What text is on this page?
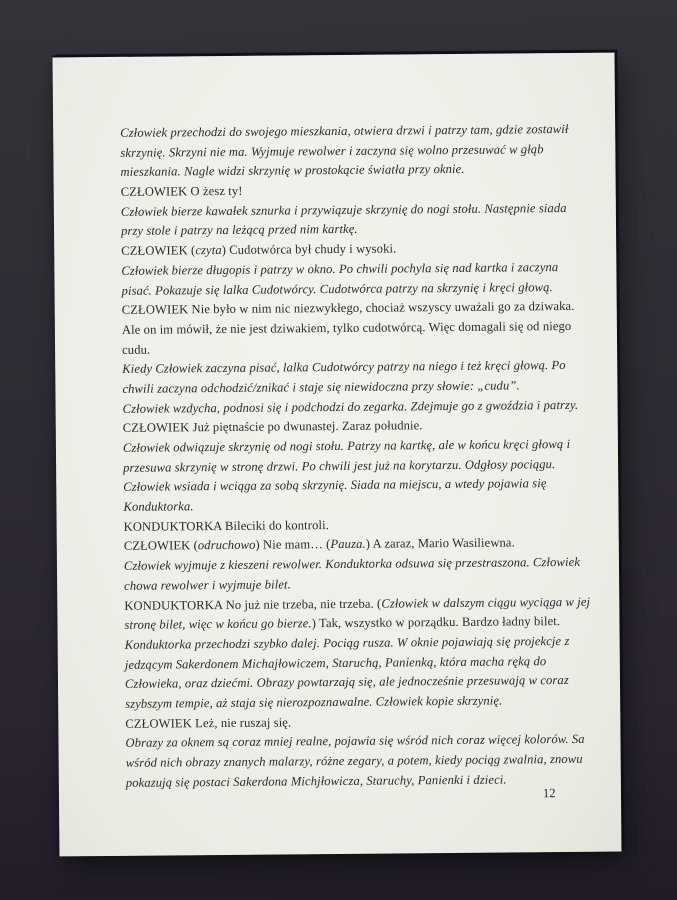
Człowiek przechodzi do swojego mieszkania, otwiera drzwi i patrzy tam, gdzie zostawił
skrzynię. Skrzyni nie ma. Wyjmuje rewolwer i zaczyna się wolno przesuwać w głąb
mieszkania. Nagle widzi skrzynię w prostokącie światła przy oknie.
CZŁOWIEK O żesz ty!
Człowiek bierze kawałek sznurka i przywiązuje skrzynię do nogi stołu. Następnie siada
przy stole i patrzy na leżącą przed nim kartkę.
CZŁOWIEK (czyta) Cudotwórca był chudy i wysoki.
Człowiek bierze długopis i patrzy w okno. Po chwili pochyla się nad kartka i zaczyna
pisać. Pokazuje się lalka Cudotwórcy. Cudotwórca patrzy na skrzynię i kręci głową.
CZŁOWIEK Nie było w nim nic niezwykłego, chociaż wszyscy uważali go za dziwaka.
Ale on im mówił, że nie jest dziwakiem, tylko cudotwórcą. Więc domagali się od niego
cudu.
Kiedy Człowiek zaczyna pisać, lalka Cudotwórcy patrzy na niego i też kręci głową. Po
chwili zaczyna odchodzić/znikać i staje się niewidoczna przy słowie: „cudu”.
Człowiek wzdycha, podnosi się i podchodzi do zegarka. Zdejmuje go z gwoździa i patrzy.
CZŁOWIEK Już piętnaście po dwunastej. Zaraz południe.
Człowiek odwiązuje skrzynię od nogi stołu. Patrzy na kartkę, ale w końcu kręci głową i
przesuwa skrzynię w stronę drzwi. Po chwili jest już na korytarzu. Odgłosy pociągu.
Człowiek wsiada i wciąga za sobą skrzynię. Siada na miejscu, a wtedy pojawia się
Konduktorka.
KONDUKTORKA Bileciki do kontroli.
CZŁOWIEK (odruchowo) Nie mam… (Pauza.) A zaraz, Mario Wasiliewna.
Człowiek wyjmuje z kieszeni rewolwer. Konduktorka odsuwa się przestraszona. Człowiek
chowa rewolwer i wyjmuje bilet.
KONDUKTORKA No już nie trzeba, nie trzeba. (Człowiek w dalszym ciągu wyciąga w jej
stronę bilet, więc w końcu go bierze.) Tak, wszystko w porządku. Bardzo ładny bilet.
Konduktorka przechodzi szybko dalej. Pociąg rusza. W oknie pojawiają się projekcje z
jedzącym Sakerdonem Michajłowiczem, Staruchą, Panienką, która macha ręką do
Człowieka, oraz dziećmi. Obrazy powtarzają się, ale jednocześnie przesuwają w coraz
szybszym tempie, aż staja się nierozpoznawalne. Człowiek kopie skrzynię.
CZŁOWIEK Leż, nie ruszaj się.
Obrazy za oknem są coraz mniej realne, pojawia się wśród nich coraz więcej kolorów. Sa
wśród nich obrazy znanych malarzy, różne zegary, a potem, kiedy pociąg zwalnia, znowu
pokazują się postaci Sakerdona Michjłowicza, Staruchy, Panienki i dzieci.
12
